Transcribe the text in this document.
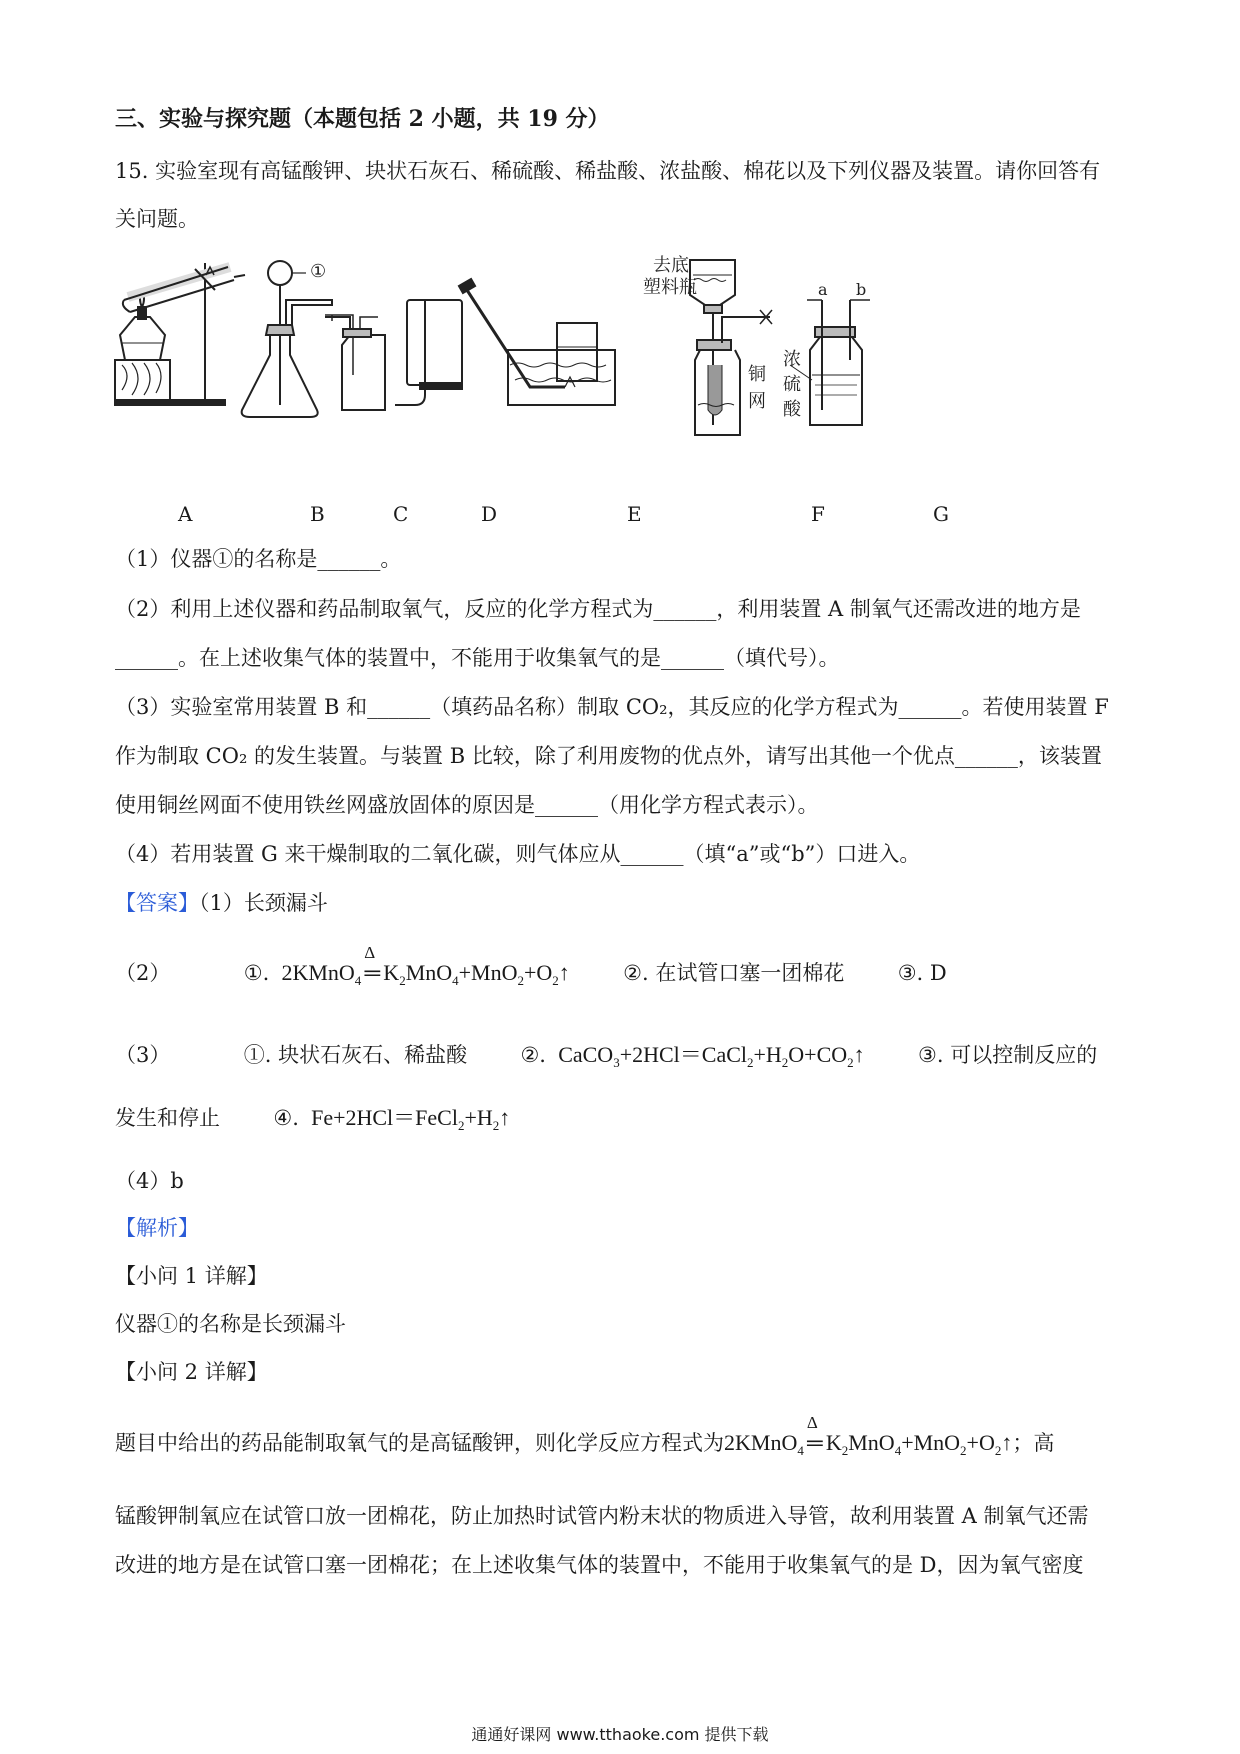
三、实验与探究题（本题包括 2 小题，共 19 分）
15. 实验室现有高锰酸钾、块状石灰石、稀硫酸、稀盐酸、浓盐酸、棉花以及下列仪器及装置。请你回答有
关问题。
①	去底
塑料瓶
铜
网
a b
浓
硫
酸
A	B	C	D	E	F	G
（1）仪器①的名称是______。
（2）利用上述仪器和药品制取氧气，反应的化学方程式为______，利用装置 A 制氧气还需改进的地方是
______。在上述收集气体的装置中，不能用于收集氧气的是______（填代号）。
（3）实验室常用装置 B 和______（填药品名称）制取 CO₂，其反应的化学方程式为______。若使用装置 F
作为制取 CO₂ 的发生装置。与装置 B 比较，除了利用废物的优点外，请写出其他一个优点______，该装置
使用铜丝网面不使用铁丝网盛放固体的原因是______（用化学方程式表示）。
（4）若用装置 G 来干燥制取的二氧化碳，则气体应从______（填“a”或“b”）口进入。
【答案】（1）长颈漏斗
（2）	①.  2KMnO$_4$
Δ
═ $K_2MnO_4+MnO_2+O_2↑$	②. 在试管口塞一团棉花	③. D
（3）	①. 块状石灰石、稀盐酸	②.  $CaCO_3+2HCl=CaCl_2+H_2O+CO_2↑$	③. 可以控制反应的
发生和停止	④.  $Fe+2HCl=FeCl_2+H_2↑$
（4）b
【解析】
【小问 1 详解】
仪器①的名称是长颈漏斗
【小问 2 详解】
题目中给出的药品能制取氧气的是高锰酸钾，则化学反应方程式为2KMnO$_4$
Δ
═ $K_2MnO_4+MnO_2+O_2↑$；高
锰酸钾制氧应在试管口放一团棉花，防止加热时试管内粉末状的物质进入导管，故利用装置 A 制氧气还需
改进的地方是在试管口塞一团棉花；在上述收集气体的装置中，不能用于收集氧气的是 D，因为氧气密度
通通好课网 www.tthaoke.com 提供下载
